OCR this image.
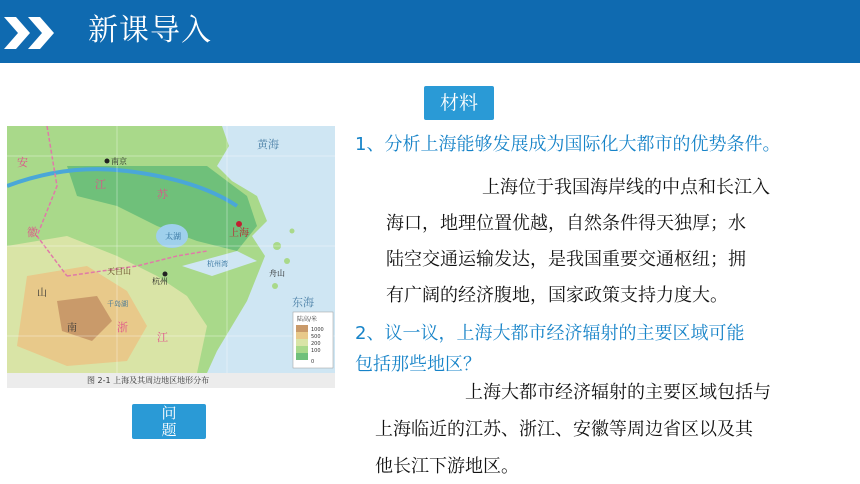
新课导入
材料
黄海
江
苏
安
徽
南京
太湖	上海
杭州
天目山
浙
江
南
山
舟山
东海
千岛湖
杭州湾
陆高/米
1000
500
200
100
0
图 2-1 上海及其周边地区地形分布
问
题
1、分析上海能够发展成为国际化大都市的优势条件。
上海位于我国海岸线的中点和长江入
海口，地理位置优越，自然条件得天独厚；水
陆空交通运输发达，是我国重要交通枢纽；拥
有广阔的经济腹地，国家政策支持力度大。
2、议一议，上海大都市经济辐射的主要区域可能
包括那些地区？
上海大都市经济辐射的主要区域包括与
上海临近的江苏、浙江、安徽等周边省区以及其
他长江下游地区。
